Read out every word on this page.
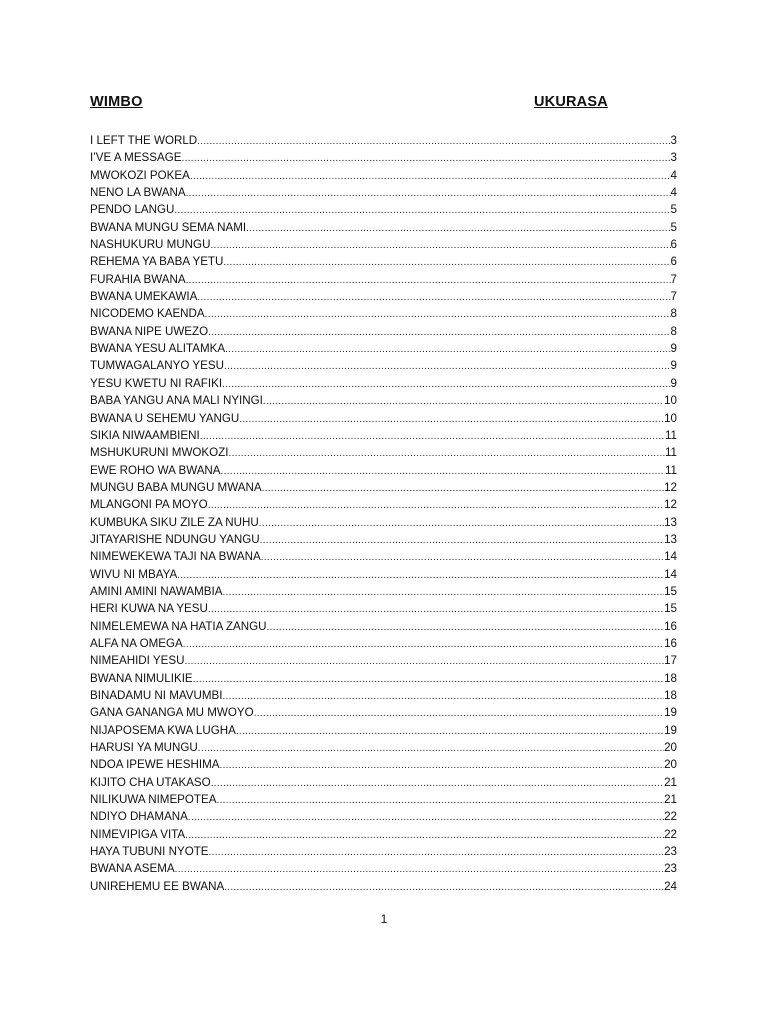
WIMBO	UKURASA
I LEFT THE WORLD .....	3
I’VE A MESSAGE .....	3
MWOKOZI POKEA .....	4
NENO LA BWANA .....	4
PENDO LANGU .....	5
BWANA MUNGU SEMA NAMI .....	5
NASHUKURU MUNGU .....	6
REHEMA YA BABA YETU .....	6
FURAHIA BWANA .....	7
BWANA UMEKAWIA .....	7
NICODEMO KAENDA .....	8
BWANA NIPE UWEZO .....	8
BWANA YESU ALITAMKA .....	9
TUMWAGALANYO YESU .....	9
YESU KWETU NI RAFIKI .....	9
BABA YANGU ANA MALI NYINGI .....	10
BWANA U SEHEMU YANGU .....	10
SIKIA NIWAAMBIENI .....	11
MSHUKURUNI MWOKOZI .....	11
EWE ROHO WA BWANA .....	11
MUNGU BABA MUNGU MWANA .....	12
MLANGONI PA MOYO .....	12
KUMBUKA SIKU ZILE ZA NUHU .....	13
JITAYARISHE NDUNGU YANGU .....	13
NIMEWEKEWA TAJI NA BWANA .....	14
WIVU NI MBAYA .....	14
AMINI AMINI NAWAMBIA .....	15
HERI KUWA NA YESU .....	15
NIMELEMEWA NA HATIA ZANGU .....	16
ALFA NA OMEGA .....	16
NIMEAHIDI YESU .....	17
BWANA NIMULIKIE .....	18
BINADAMU NI MAVUMBI .....	18
GANA GANANGA MU MWOYO .....	19
NIJAPOSEMA KWA LUGHA .....	19
HARUSI YA MUNGU .....	20
NDOA IPEWE HESHIMA .....	20
KIJITO CHA UTAKASO .....	21
NILIKUWA NIMEPOTEA .....	21
NDIYO DHAMANA .....	22
NIMEVIPIGA VITA .....	22
HAYA TUBUNI NYOTE .....	23
BWANA ASEMA .....	23
UNIREHEMU EE BWANA .....	24
1
